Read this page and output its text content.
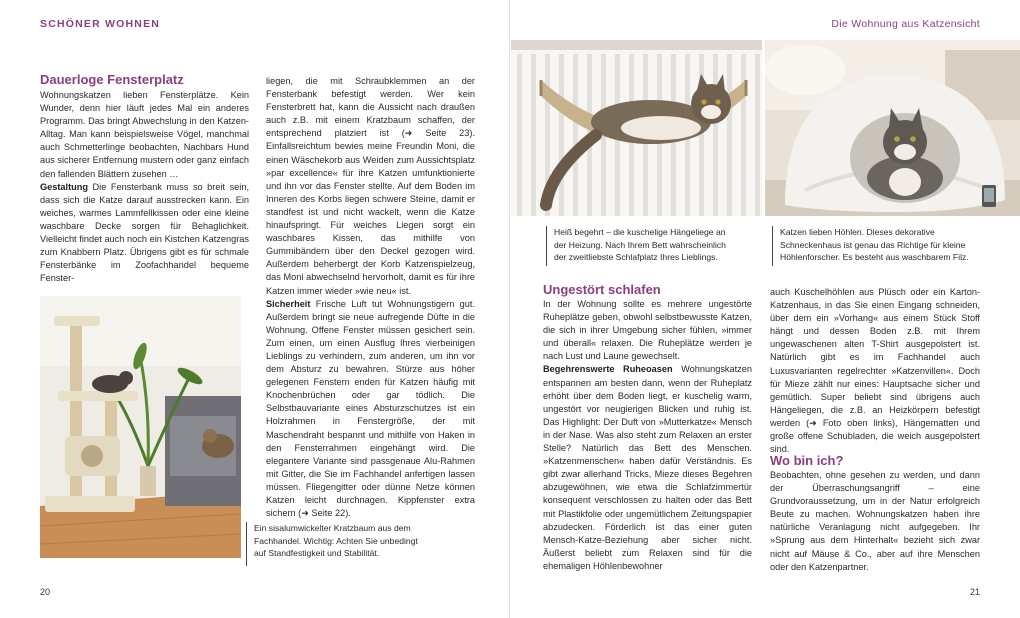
SCHÖNER WOHNEN
Dauerloge Fensterplatz

Wohnungskatzen lieben Fensterplätze. Kein Wunder, denn hier läuft jedes Mal ein anderes Programm. Das bringt Abwechslung in den Katzen-Alltag. Man kann beispielsweise Vögel, manchmal auch Schmetterlinge beobachten, Nachbars Hund aus sicherer Entfernung mustern oder ganz einfach den fallenden Blättern zusehen …

Gestaltung Die Fensterbank muss so breit sein, dass sich die Katze darauf ausstrecken kann. Ein weiches, warmes Lammfellkissen oder eine kleine waschbare Decke sorgen für Behaglichkeit. Vielleicht findet auch noch ein Kistchen Katzengras zum Knabbern Platz. Übrigens gibt es für schmale Fensterbänke im Zoofachhandel bequeme Fenster-

liegen, die mit Schraubklemmen an der Fensterbank befestigt werden. Wer kein Fensterbrett hat, kann die Aussicht nach draußen auch z.B. mit einem Kratzbaum schaffen, der entsprechend platziert ist (➜ Seite 23). Einfallsreichtum bewies meine Freundin Moni, die einen Wäschekorb aus Weiden zum Aussichtsplatz »par excellence« für ihre Katzen umfunktionierte und ihn vor das Fenster stellte. Auf dem Boden im Inneren des Korbs liegen schwere Steine, damit er standfest ist und nicht wackelt, wenn die Katze hinaufspringt. Für weiches Liegen sorgt ein waschbares Kissen, das mithilfe von Gummibändern über den Deckel gezogen wird. Außerdem beherbergt der Korb Katzenspielzeug, das Moni abwechselnd hervorholt, damit es für ihre Katzen immer wieder »wie neu« ist.

Sicherheit Frische Luft tut Wohnungstigern gut. Außerdem bringt sie neue aufregende Düfte in die Wohnung. Offene Fenster müssen gesichert sein. Zum einen, um einen Ausflug Ihres vierbeinigen Lieblings zu verhindern, zum anderen, um ihn vor dem Absturz zu bewahren. Stürze aus höher gelegenen Fenstern enden für Katzen häufig mit Knochenbrüchen oder gar tödlich. Die Selbstbauvariante eines Absturzschutzes ist ein Holzrahmen in Fenstergröße, der mit Maschendraht bespannt und mithilfe von Haken in den Fensterrahmen eingehängt wird. Die elegantere Variante sind passgenaue Alu-Rahmen mit Gitter, die Sie im Fachhandel anfertigen lassen müssen. Fliegengitter oder dünne Netze können Katzen leicht durchnagen. Kippfenster extra sichern (➜ Seite 22).

Ein sisalumwickelter Kratzbaum aus dem Fachhandel. Wichtig: Achten Sie unbedingt auf Standfestigkeit und Stabilität.
20
Die Wohnung aus Katzensicht
Heiß begehrt – die kuschelige Hängeliege an der Heizung. Nach Ihrem Bett wahrscheinlich der zweitliebste Schlafplatz Ihres Lieblings.
Katzen lieben Höhlen. Dieses dekorative Schneckenhaus ist genau das Richtige für kleine Höhlenforscher. Es besteht aus waschbarem Filz.
Ungestört schlafen

In der Wohnung sollte es mehrere ungestörte Ruheplätze geben, obwohl selbstbewusste Katzen, die sich in ihrer Umgebung sicher fühlen, »immer und überall« relaxen. Die Ruheplätze werden je nach Lust und Laune gewechselt.

Begehrenswerte Ruheoasen Wohnungskatzen entspannen am besten dann, wenn der Ruheplatz erhöht über dem Boden liegt, er kuschelig warm, ungestört vor neugierigen Blicken und ruhig ist. Das Highlight: Der Duft von »Mutterkatze« Mensch in der Nase. Was also steht zum Relaxen an erster Stelle? Natürlich das Bett des Menschen. »Katzenmenschen« haben dafür Verständnis. Es gibt zwar allerhand Tricks, Mieze dieses Begehren abzugewöhnen, wie etwa die Schlafzimmertür konsequent verschlossen zu halten oder das Bett mit Plastikfolie oder ungemütlichem Zeitungspapier abzudecken. Förderlich ist das einer guten Mensch-Katze-Beziehung aber sicher nicht. Äußerst beliebt zum Relaxen sind für die ehemaligen Höhlenbewohner

auch Kuschelhöhlen aus Plüsch oder ein Karton-Katzenhaus, in das Sie einen Eingang schneiden, über dem ein »Vorhang« aus einem Stück Stoff hängt und dessen Boden z.B. mit Ihrem ungewaschenen alten T-Shirt ausgepolstert ist. Natürlich gibt es im Fachhandel auch Luxusvarianten regelrechter »Katzenvillen«. Doch für Mieze zählt nur eines: Hauptsache sicher und gemütlich. Super beliebt sind übrigens auch Hängeliegen, die z.B. an Heizkörpern befestigt werden (➜ Foto oben links), Hängematten und große offene Schubladen, die weich ausgepolstert sind.

Wo bin ich?

Beobachten, ohne gesehen zu werden, und dann der Überraschungsangriff – eine Grundvoraussetzung, um in der Natur erfolgreich Beute zu machen. Wohnungskatzen haben ihre natürliche Veranlagung nicht aufgegeben. Ihr »Sprung aus dem Hinterhalt« bezieht sich zwar nicht auf Mäuse & Co., aber auf ihre Menschen oder den Katzenpartner.

21
